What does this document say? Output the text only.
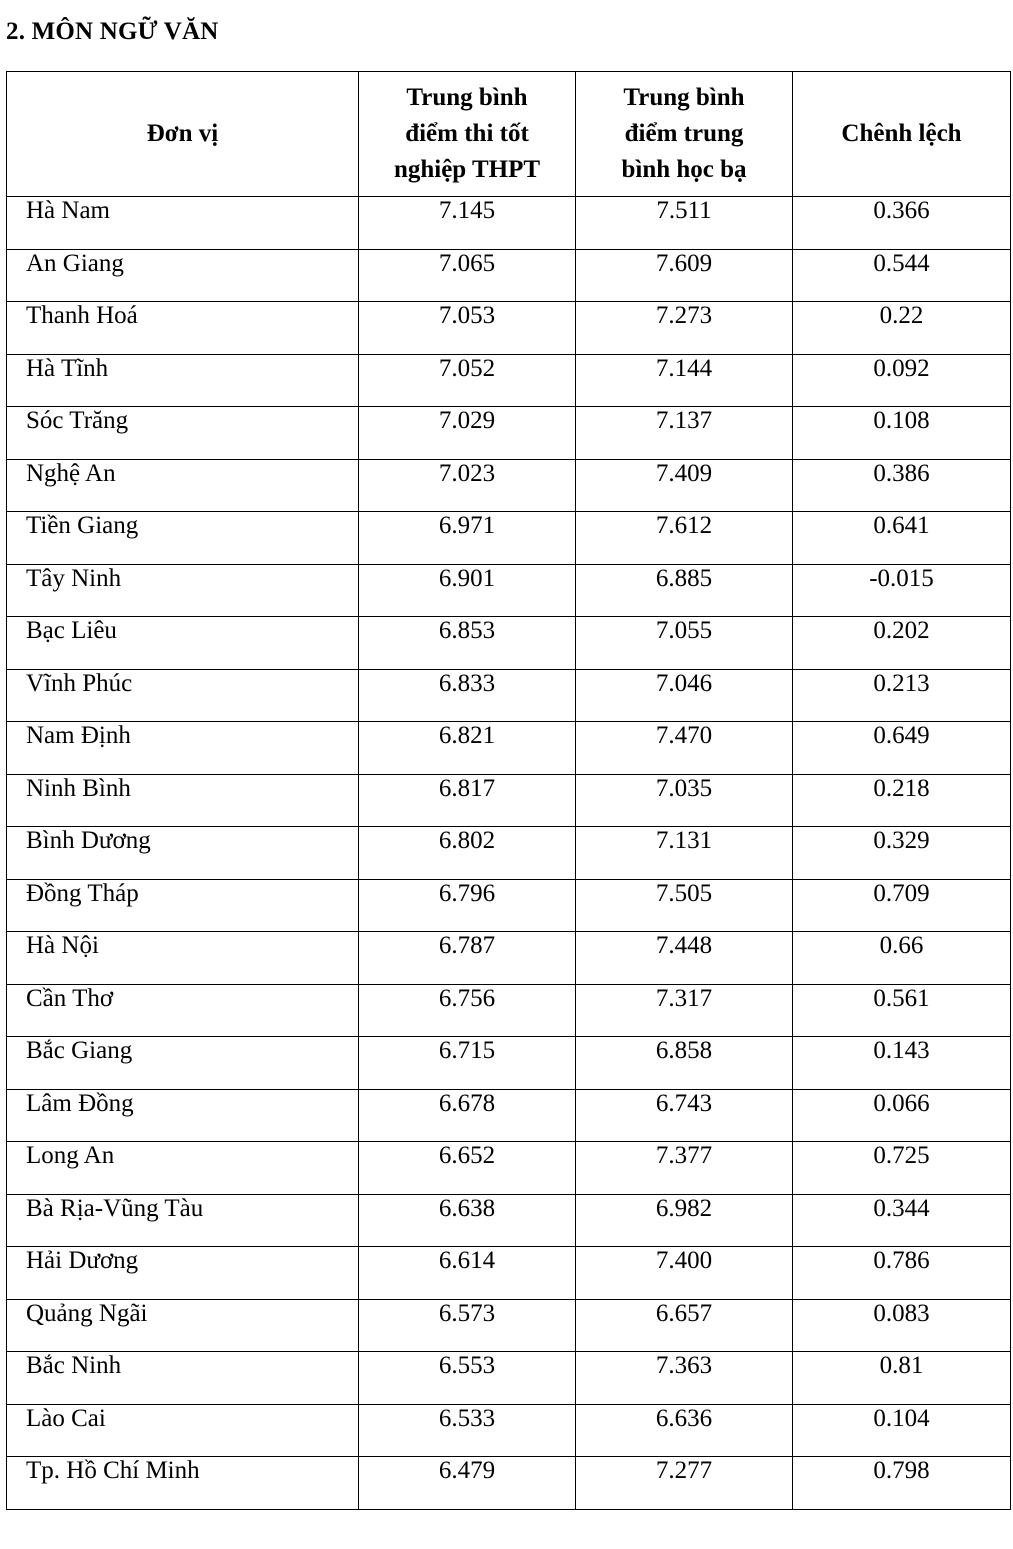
2. MÔN NGỮ VĂN
Đơn vị	Trung bình điểm thi tốt nghiệp THPT	Trung bình điểm trung bình học bạ	Chênh lệch
Hà Nam	7.145	7.511	0.366
An Giang	7.065	7.609	0.544
Thanh Hoá	7.053	7.273	0.22
Hà Tĩnh	7.052	7.144	0.092
Sóc Trăng	7.029	7.137	0.108
Nghệ An	7.023	7.409	0.386
Tiền Giang	6.971	7.612	0.641
Tây Ninh	6.901	6.885	-0.015
Bạc Liêu	6.853	7.055	0.202
Vĩnh Phúc	6.833	7.046	0.213
Nam Định	6.821	7.470	0.649
Ninh Bình	6.817	7.035	0.218
Bình Dương	6.802	7.131	0.329
Đồng Tháp	6.796	7.505	0.709
Hà Nội	6.787	7.448	0.66
Cần Thơ	6.756	7.317	0.561
Bắc Giang	6.715	6.858	0.143
Lâm Đồng	6.678	6.743	0.066
Long An	6.652	7.377	0.725
Bà Rịa-Vũng Tàu	6.638	6.982	0.344
Hải Dương	6.614	7.400	0.786
Quảng Ngãi	6.573	6.657	0.083
Bắc Ninh	6.553	7.363	0.81
Lào Cai	6.533	6.636	0.104
Tp. Hồ Chí Minh	6.479	7.277	0.798
